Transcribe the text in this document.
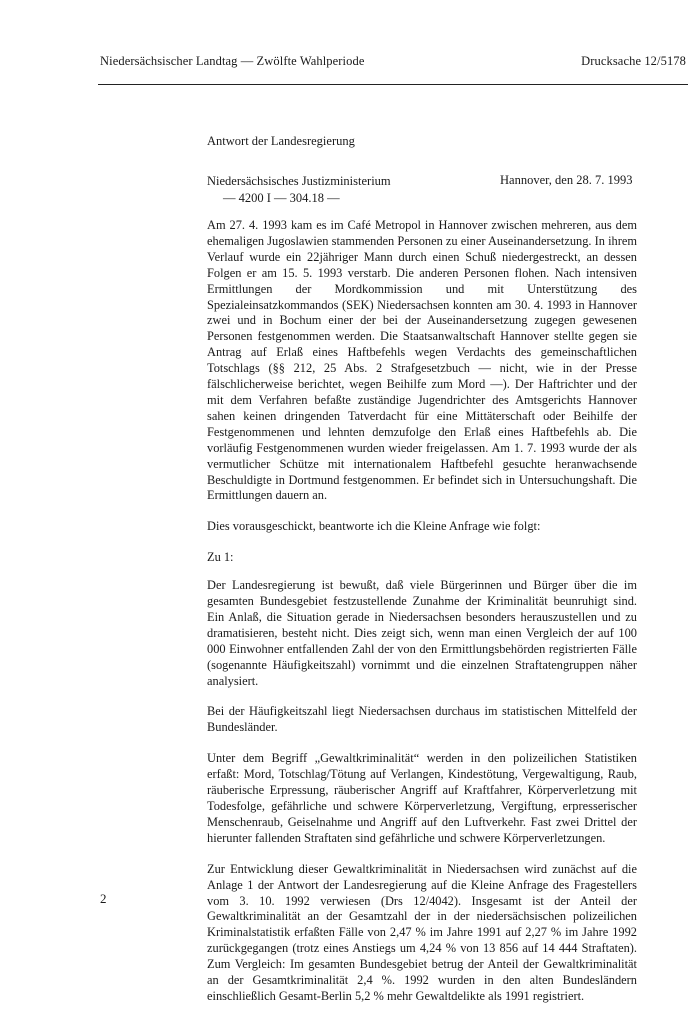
Niedersächsischer Landtag — Zwölfte Wahlperiode	Drucksache 12/5178
Antwort der Landesregierung
Niedersächsisches Justizministerium
— 4200 I — 304.18 —
Hannover, den 28. 7. 1993

Am 27. 4. 1993 kam es im Café Metropol in Hannover zwischen mehreren, aus dem ehemaligen Jugoslawien stammenden Personen zu einer Auseinandersetzung. In ihrem Verlauf wurde ein 22jähriger Mann durch einen Schuß niedergestreckt, an dessen Folgen er am 15. 5. 1993 verstarb. Die anderen Personen flohen. Nach intensiven Ermittlungen der Mordkommission und mit Unterstützung des Spezialeinsatzkommandos (SEK) Niedersachsen konnten am 30. 4. 1993 in Hannover zwei und in Bochum einer der bei der Auseinandersetzung zugegen gewesenen Personen festgenommen werden. Die Staatsanwaltschaft Hannover stellte gegen sie Antrag auf Erlaß eines Haftbefehls wegen Verdachts des gemeinschaftlichen Totschlags (§§ 212, 25 Abs. 2 Strafgesetzbuch — nicht, wie in der Presse fälschlicherweise berichtet, wegen Beihilfe zum Mord —). Der Haftrichter und der mit dem Verfahren befaßte zuständige Jugendrichter des Amtsgerichts Hannover sahen keinen dringenden Tatverdacht für eine Mittäterschaft oder Beihilfe der Festgenommenen und lehnten demzufolge den Erlaß eines Haftbefehls ab. Die vorläufig Festgenommenen wurden wieder freigelassen. Am 1. 7. 1993 wurde der als vermutlicher Schütze mit internationalem Haftbefehl gesuchte heranwachsende Beschuldigte in Dortmund festgenommen. Er befindet sich in Untersuchungshaft. Die Ermittlungen dauern an.

Dies vorausgeschickt, beantworte ich die Kleine Anfrage wie folgt:

Zu 1:

Der Landesregierung ist bewußt, daß viele Bürgerinnen und Bürger über die im gesamten Bundesgebiet festzustellende Zunahme der Kriminalität beunruhigt sind. Ein Anlaß, die Situation gerade in Niedersachsen besonders herauszustellen und zu dramatisieren, besteht nicht. Dies zeigt sich, wenn man einen Vergleich der auf 100 000 Einwohner entfallenden Zahl der von den Ermittlungsbehörden registrierten Fälle (sogenannte Häufigkeitszahl) vornimmt und die einzelnen Straftatengruppen näher analysiert.

Bei der Häufigkeitszahl liegt Niedersachsen durchaus im statistischen Mittelfeld der Bundesländer.

Unter dem Begriff „Gewaltkriminalität“ werden in den polizeilichen Statistiken erfaßt: Mord, Totschlag/Tötung auf Verlangen, Kindestötung, Vergewaltigung, Raub, räuberische Erpressung, räuberischer Angriff auf Kraftfahrer, Körperverletzung mit Todesfolge, gefährliche und schwere Körperverletzung, Vergiftung, erpresserischer Menschenraub, Geiselnahme und Angriff auf den Luftverkehr. Fast zwei Drittel der hierunter fallenden Straftaten sind gefährliche und schwere Körperverletzungen.

Zur Entwicklung dieser Gewaltkriminalität in Niedersachsen wird zunächst auf die Anlage 1 der Antwort der Landesregierung auf die Kleine Anfrage des Fragestellers vom 3. 10. 1992 verwiesen (Drs 12/4042). Insgesamt ist der Anteil der Gewaltkriminalität an der Gesamtzahl der in der niedersächsischen polizeilichen Kriminalstatistik erfaßten Fälle von 2,47 % im Jahre 1991 auf 2,27 % im Jahre 1992 zurückgegangen (trotz eines Anstiegs um 4,24 % von 13 856 auf 14 444 Straftaten). Zum Vergleich: Im gesamten Bundesgebiet betrug der Anteil der Gewaltkriminalität an der Gesamtkriminalität 2,4 %. 1992 wurden in den alten Bundesländern einschließlich Gesamt-Berlin 5,2 % mehr Gewaltdelikte als 1991 registriert.

2
